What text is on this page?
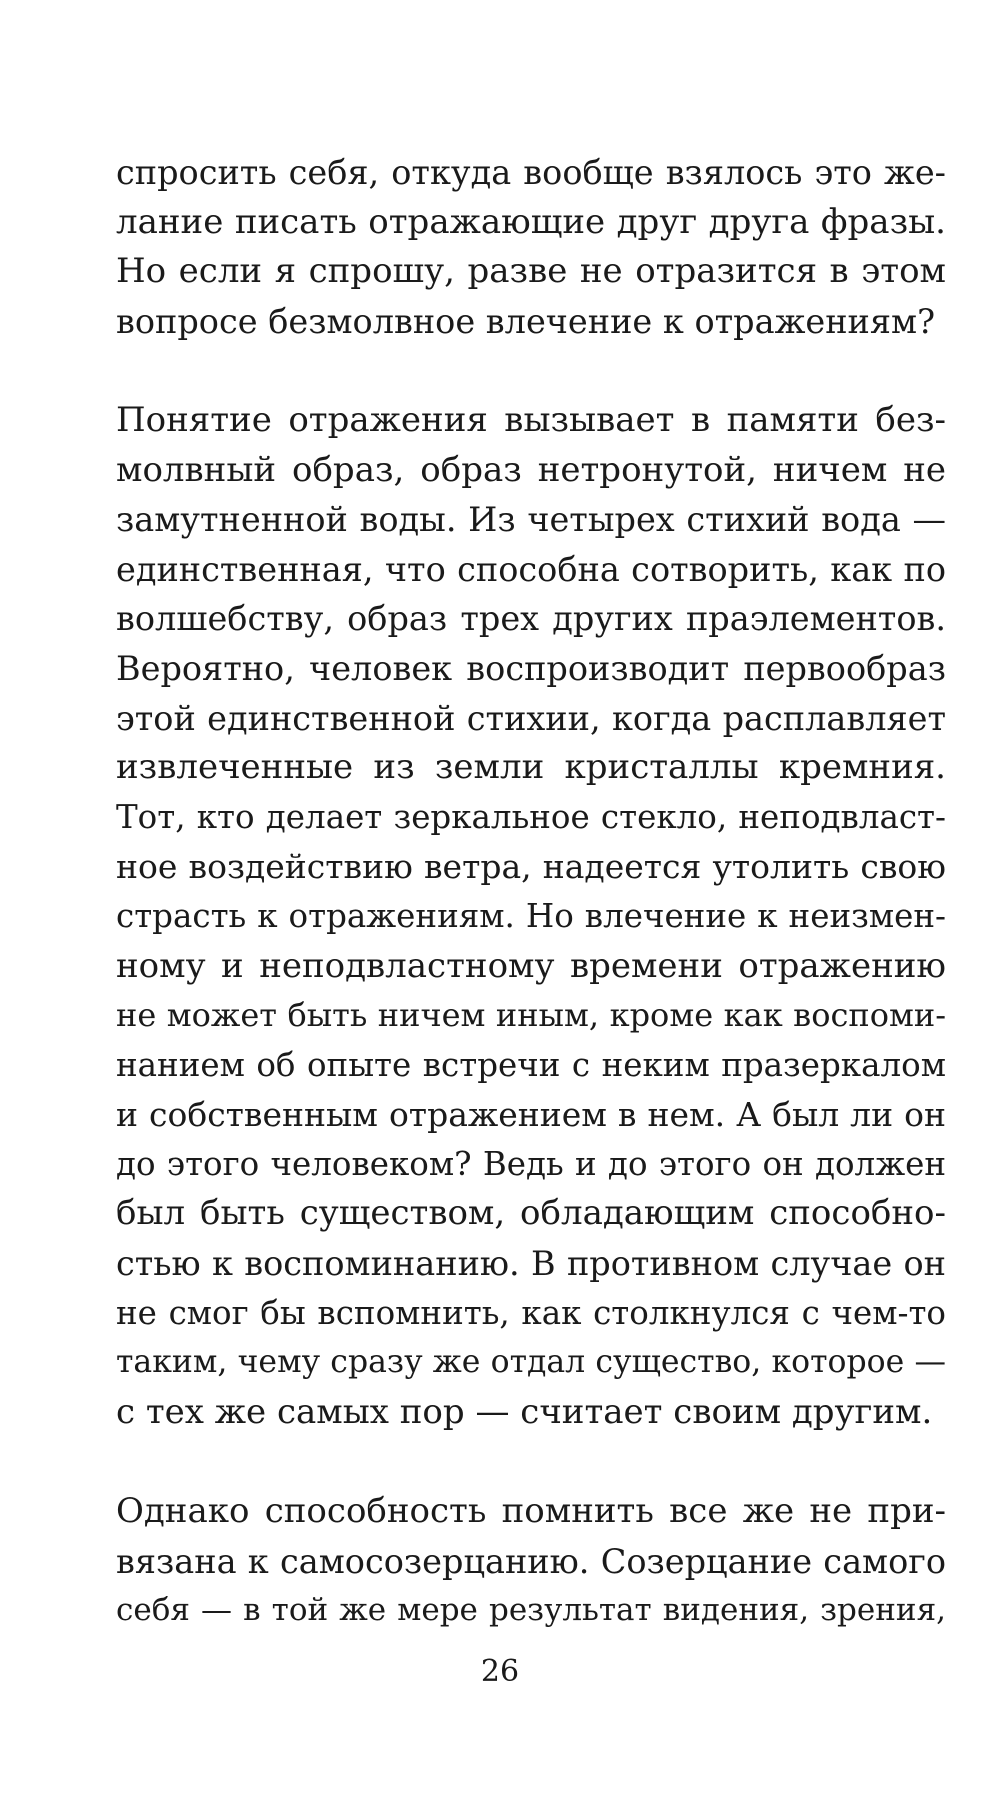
спросить себя, откуда вообще взялось это же-
лание писать отражающие друг друга фразы.
Но если я спрошу, разве не отразится в этом
вопросе безмолвное влечение к отражениям?

Понятие отражения вызывает в памяти без-
молвный образ, образ нетронутой, ничем не
замутненной воды. Из четырех стихий вода —
единственная, что способна сотворить, как по
волшебству, образ трех других праэлементов.
Вероятно, человек воспроизводит первообраз
этой единственной стихии, когда расплавляет
извлеченные из земли кристаллы кремния.
Тот, кто делает зеркальное стекло, неподвласт-
ное воздействию ветра, надеется утолить свою
страсть к отражениям. Но влечение к неизмен-
ному и неподвластному времени отражению
не может быть ничем иным, кроме как воспоми-
нанием об опыте встречи с неким празеркалом
и собственным отражением в нем. А был ли он
до этого человеком? Ведь и до этого он должен
был быть существом, обладающим способно-
стью к воспоминанию. В противном случае он
не смог бы вспомнить, как столкнулся с чем-то
таким, чему сразу же отдал существо, которое —
с тех же самых пор — считает своим другим.

Однако способность помнить все же не при-
вязана к самосозерцанию. Созерцание самого
себя — в той же мере результат видения, зрения,

26
